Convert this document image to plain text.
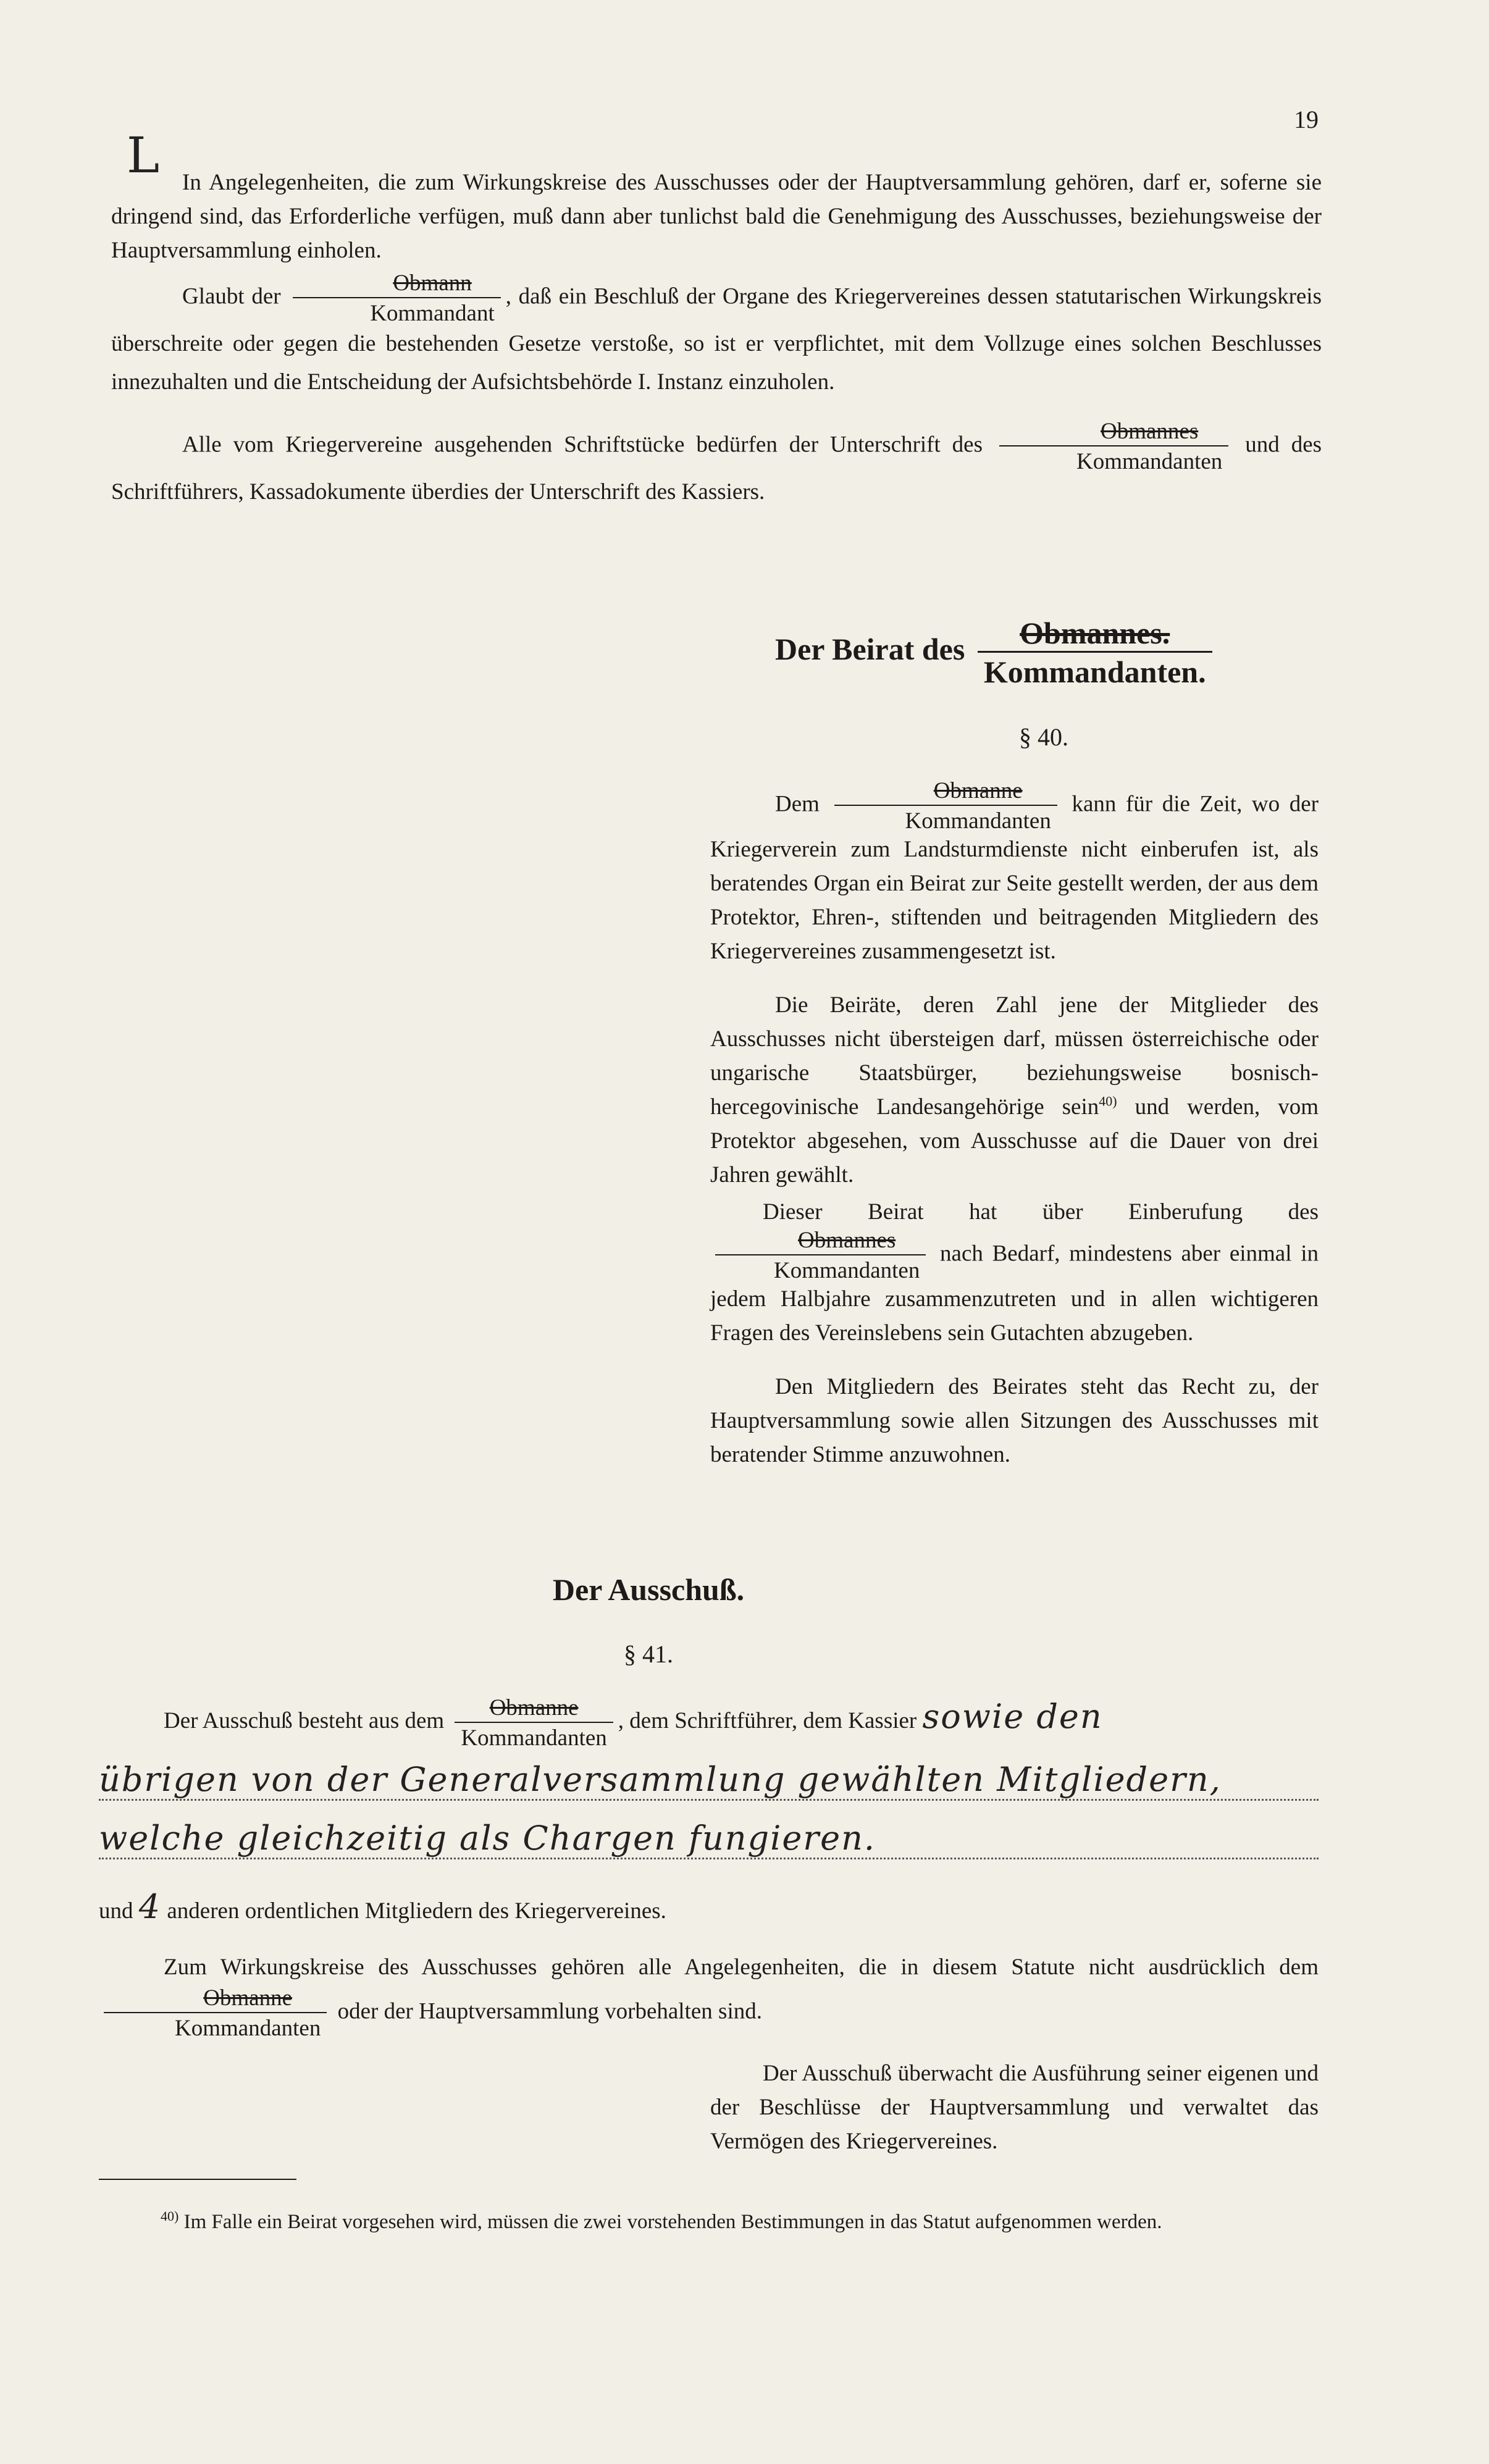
19
L In Angelegenheiten, die zum Wirkungskreise des Ausschusses oder der Hauptversammlung gehören, darf er, soferne sie dringend sind, das Erforderliche verfügen, muß dann aber tunlichst bald die Genehmigung des Ausschusses, beziehungsweise der Hauptversammlung einholen.
Glaubt der $\frac{\text{Obmann}}{\text{Kommandant}}$ , daß ein Beschluß der Organe des Kriegervereines dessen statutarischen Wirkungskreis überschreite oder gegen die bestehenden Gesetze verstoße, so ist er verpflichtet, mit dem Vollzuge eines solchen Beschlusses innezuhalten und die Entscheidung der Aufsichtsbehörde I. Instanz einzuholen.
Alle vom Kriegervereine ausgehenden Schriftstücke bedürfen der Unterschrift des $\frac{\text{Obmannes}}{\text{Kommandanten}}$ und des Schriftführers, Kassadokumente überdies der Unterschrift des Kassiers.
Der Beirat des $\frac{\text{Obmannes.}}{\text{Kommandanten.}}$
§ 40.
Dem $\frac{\text{Obmanne}}{\text{Kommandanten}}$ kann für die Zeit, wo der Kriegerverein zum Landsturmdienste nicht einberufen ist, als beratendes Organ ein Beirat zur Seite gestellt werden, der aus dem Protektor, Ehren-, stiftenden und beitragenden Mitgliedern des Kriegervereines zusammengesetzt ist.
Die Beiräte, deren Zahl jene der Mitglieder des Ausschusses nicht übersteigen darf, müssen österreichische oder ungarische Staatsbürger, beziehungsweise bosnisch-hercegovinische Landesangehörige sein$^{40)}$ und werden, vom Protektor abgesehen, vom Ausschusse auf die Dauer von drei Jahren gewählt.
Dieser Beirat hat über Einberufung des
$\frac{\text{Obmannes}}{\text{Kommandanten}}$ nach Bedarf, mindestens aber einmal in jedem Halbjahre zusammenzutreten und in allen wichtigeren Fragen des Vereinslebens sein Gutachten abzugeben.
Den Mitgliedern des Beirates steht das Recht zu, der Hauptversammlung sowie allen Sitzungen des Ausschusses mit beratender Stimme anzuwohnen.
Der Ausschuß.
§ 41.
Der Ausschuß besteht aus dem $\frac{\text{Obmanne}}{\text{Kommandanten}}$ , dem Schriftführer, dem Kassier sowie den
übrigen von der Generalversammlung gewählten Mitgliedern,
welche gleichzeitig als Chargen fungieren.
und 4 anderen ordentlichen Mitgliedern des Kriegervereines.
Zum Wirkungskreise des Ausschusses gehören alle Angelegenheiten, die in diesem Statute nicht ausdrücklich dem
$\frac{\text{Obmanne}}{\text{Kommandanten}}$ oder der Hauptversammlung vorbehalten sind.
Der Ausschuß überwacht die Ausführung seiner eigenen und der Beschlüsse der Hauptversammlung und verwaltet das Vermögen des Kriegervereines.
$^{40)}$ Im Falle ein Beirat vorgesehen wird, müssen die zwei vorstehenden Bestimmungen in das Statut aufgenommen werden.
